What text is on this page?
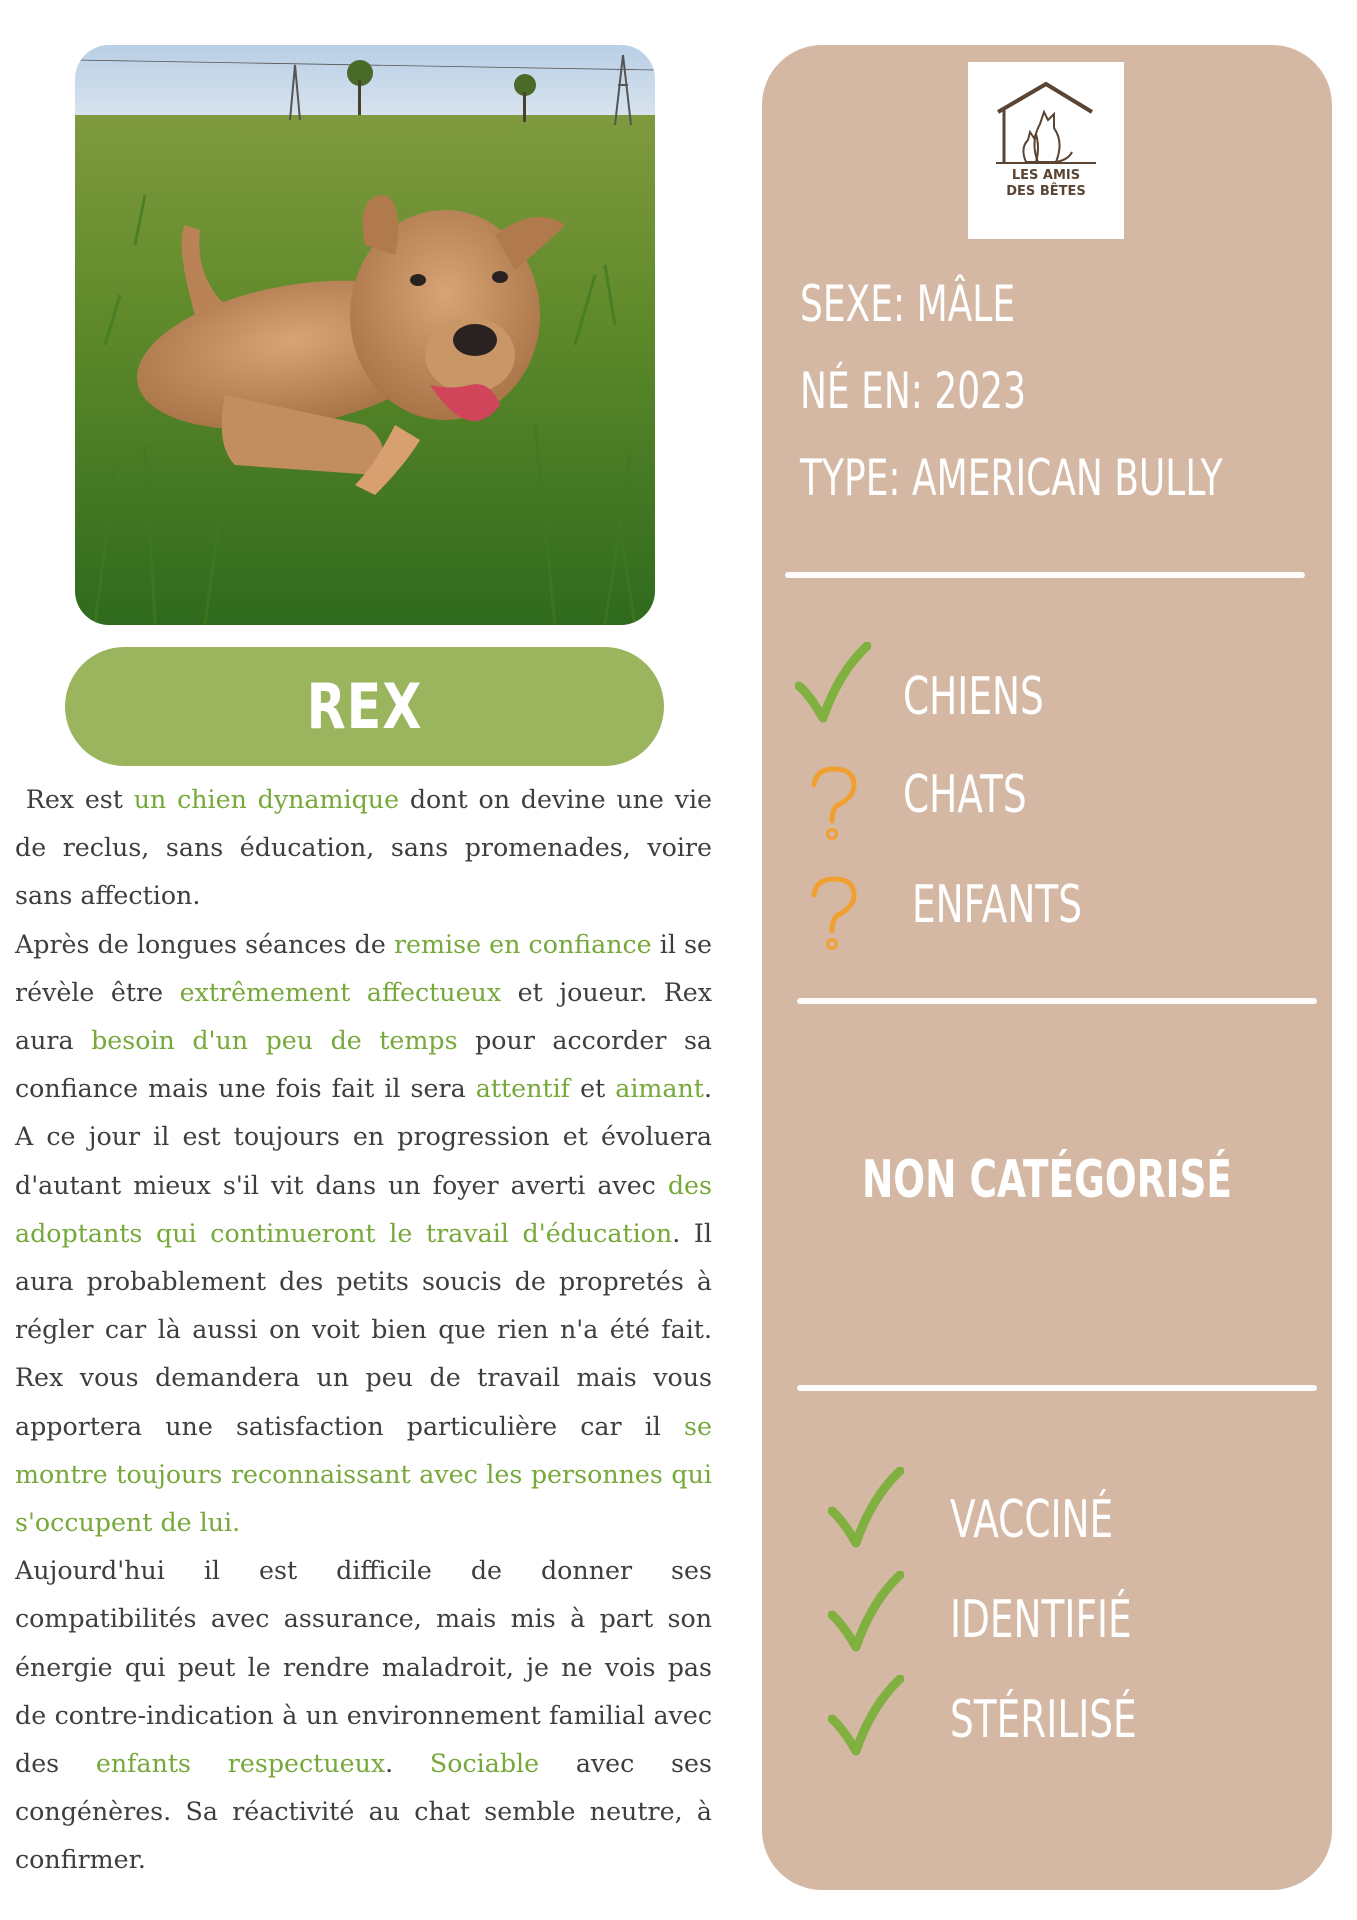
REX

Rex est un chien dynamique dont on devine une vie de reclus, sans éducation, sans promenades, voire sans affection.

Après de longues séances de remise en confiance il se révèle être extrêmement affectueux et joueur. Rex aura besoin d'un peu de temps pour accorder sa confiance mais une fois fait il sera attentif et aimant. A ce jour il est toujours en progression et évoluera d'autant mieux s'il vit dans un foyer averti avec des adoptants qui continueront le travail d'éducation. Il aura probablement des petits soucis de propretés à régler car là aussi on voit bien que rien n'a été fait. Rex vous demandera un peu de travail mais vous apportera une satisfaction particulière car il se montre toujours reconnaissant avec les personnes qui s'occupent de lui.

Aujourd'hui il est difficile de donner ses compatibilités avec assurance, mais mis à part son énergie qui peut le rendre maladroit, je ne vois pas de contre-indication à un environnement familial avec des enfants respectueux. Sociable avec ses congénères. Sa réactivité au chat semble neutre, à confirmer.

LES AMIS
DES BÊTES
SEXE: MÂLE
NÉ EN: 2023
TYPE: AMERICAN BULLY
CHIENS
CHATS
ENFANTS
NON CATÉGORISÉ
VACCINÉ
IDENTIFIÉ
STÉRILISÉ
